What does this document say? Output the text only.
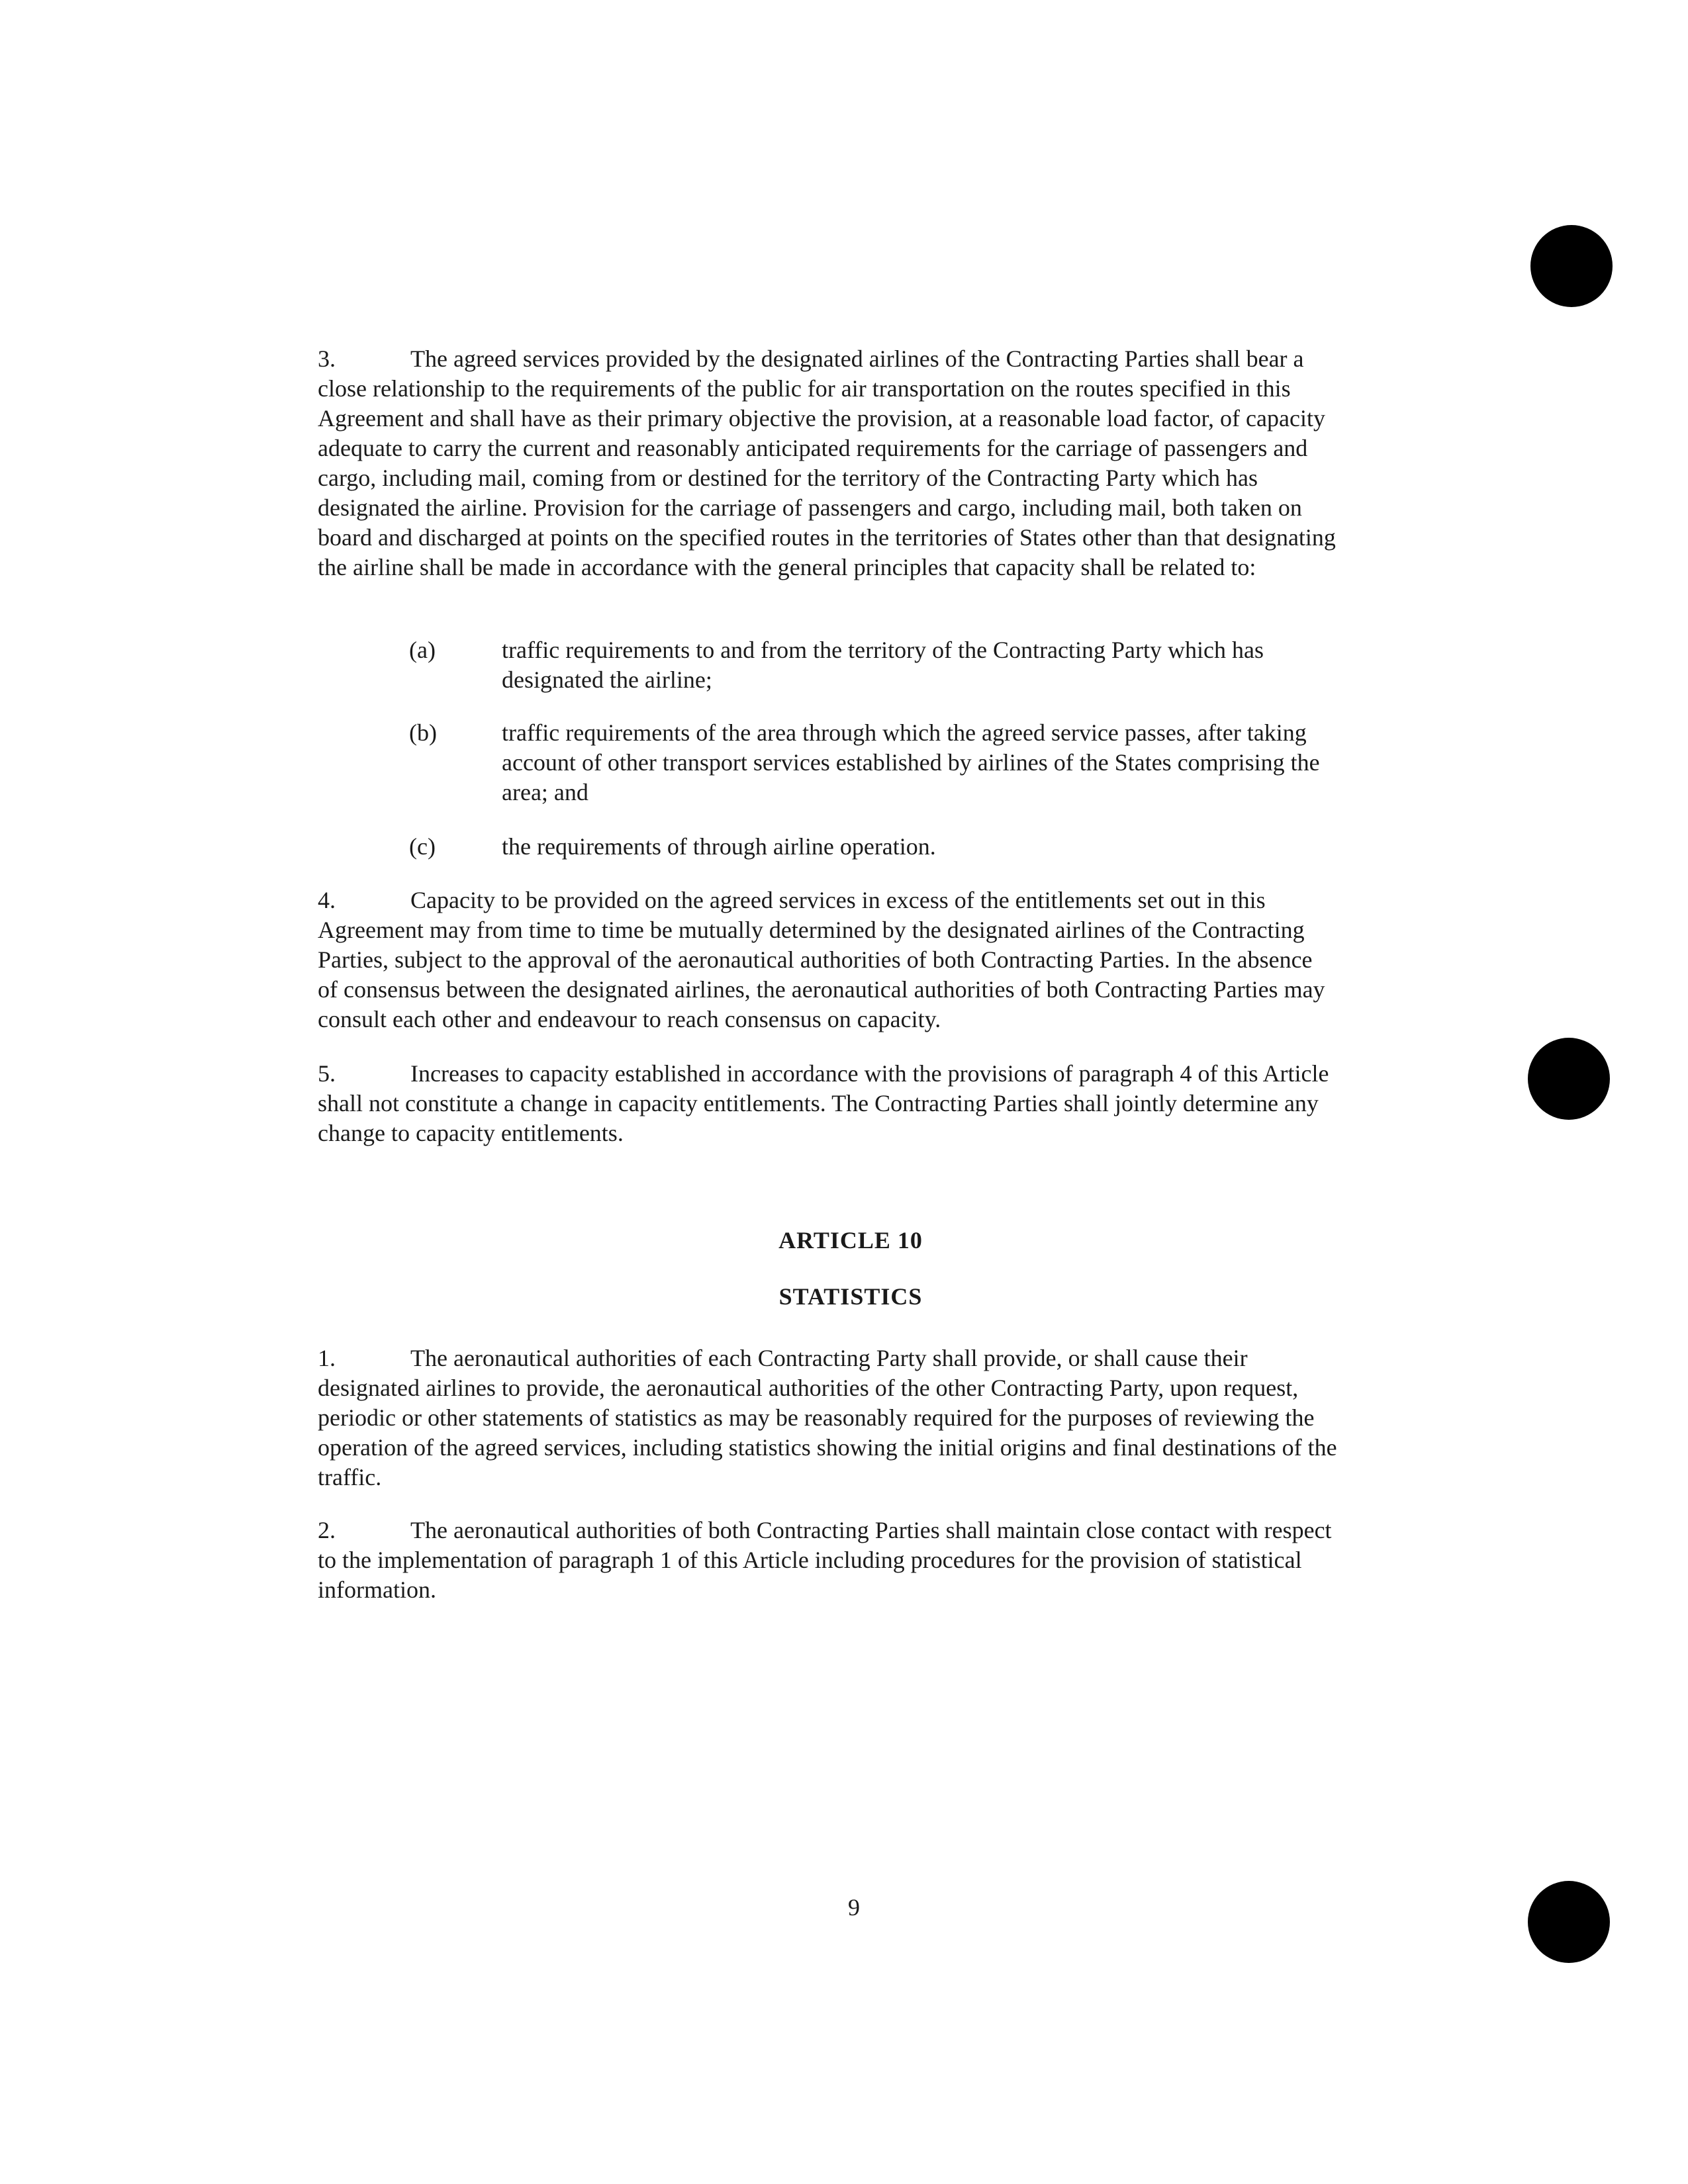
3.	The agreed services provided by the designated airlines of the Contracting Parties shall bear a close relationship to the requirements of the public for air transportation on the routes specified in this Agreement and shall have as their primary objective the provision, at a reasonable load factor, of capacity adequate to carry the current and reasonably anticipated requirements for the carriage of passengers and cargo, including mail, coming from or destined for the territory of the Contracting Party which has designated the airline. Provision for the carriage of passengers and cargo, including mail, both taken on board and discharged at points on the specified routes in the territories of States other than that designating the airline shall be made in accordance with the general principles that capacity shall be related to:
(a)	traffic requirements to and from the territory of the Contracting Party which has designated the airline;
(b)	traffic requirements of the area through which the agreed service passes, after taking account of other transport services established by airlines of the States comprising the area; and
(c)	the requirements of through airline operation.
4.	Capacity to be provided on the agreed services in excess of the entitlements set out in this Agreement may from time to time be mutually determined by the designated airlines of the Contracting Parties, subject to the approval of the aeronautical authorities of both Contracting Parties. In the absence of consensus between the designated airlines, the aeronautical authorities of both Contracting Parties may consult each other and endeavour to reach consensus on capacity.
5.	Increases to capacity established in accordance with the provisions of paragraph 4 of this Article shall not constitute a change in capacity entitlements. The Contracting Parties shall jointly determine any change to capacity entitlements.
ARTICLE 10
STATISTICS
1.	The aeronautical authorities of each Contracting Party shall provide, or shall cause their designated airlines to provide, the aeronautical authorities of the other Contracting Party, upon request, periodic or other statements of statistics as may be reasonably required for the purposes of reviewing the operation of the agreed services, including statistics showing the initial origins and final destinations of the traffic.
2.	The aeronautical authorities of both Contracting Parties shall maintain close contact with respect to the implementation of paragraph 1 of this Article including procedures for the provision of statistical information.
9
